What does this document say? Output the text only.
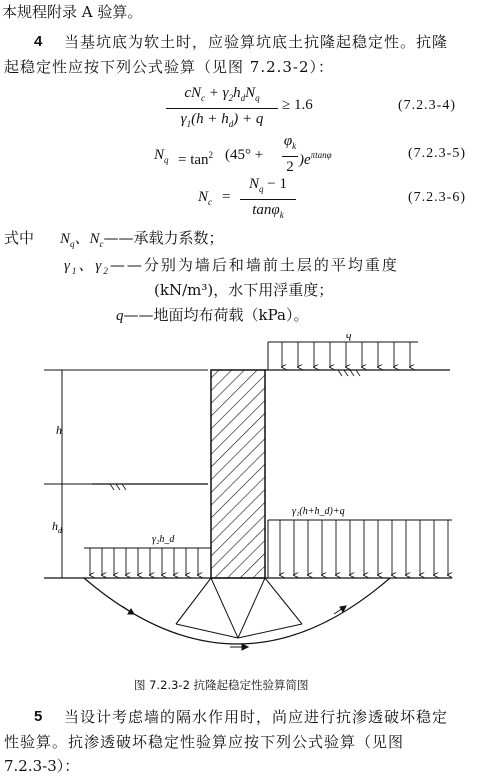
本规程附录 A 验算。
4 当基坑底为软土时，应验算坑底土抗隆起稳定性。抗隆
起稳定性应按下列公式验算（见图 7.2.3-2）：
$cN_c + \gamma_2h_dN_q$
$\gamma_1(h + h_d) + q$
≥ 1.6	(7.2.3-4)
$N_q = \tan^2 (45^\circ$ +
$\varphi_k$
2 )$e^{\pi tan\varphi}$	(7.2.3-5)
$N_c$ =
$N_q - 1$
tanφ$_k$
(7.2.3-6)
式中 $N_q$、$N_c——$承载力系数；
$\gamma_1$、$\gamma_2——$分别为墙后和墙前土层的平均重度
(kN/m³)，水下用浮重度；
q——地面均布荷载（kPa）。
h
$h_d$
q
γ₁(h+h_d)+q
γ₂h_d
图 7.2.3-2 抗隆起稳定性验算简图
5 当设计考虑墙的隔水作用时，尚应进行抗渗透破坏稳定
性验算。抗渗透破坏稳定性验算应按下列公式验算（见图
7.2.3-3）：
